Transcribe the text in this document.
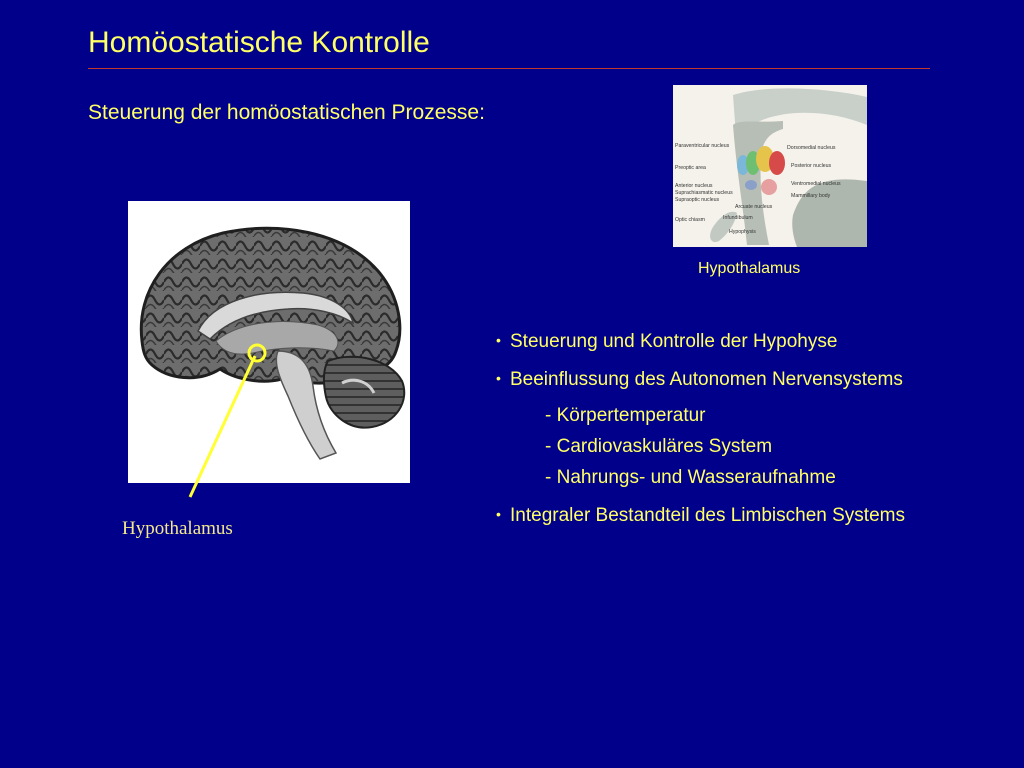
Homöostatische Kontrolle
Steuerung der homöostatischen Prozesse:
Hypothalamus
Paraventricular nucleus
Preoptic area
Anterior nucleus
Suprachiasmatic nucleus
Supraoptic nucleus
Optic chiasm	Infundibulum
Hypophysis
Arcuate nucleus
Dorsomedial nucleus
Posterior nucleus
Ventromedial nucleus
Mammillary body
Hypothalamus
• Steuerung und Kontrolle der Hypohyse
• Beeinflussung des Autonomen Nervensystems
- Körpertemperatur
- Cardiovaskuläres System
- Nahrungs- und Wasseraufnahme
• Integraler Bestandteil des Limbischen Systems
